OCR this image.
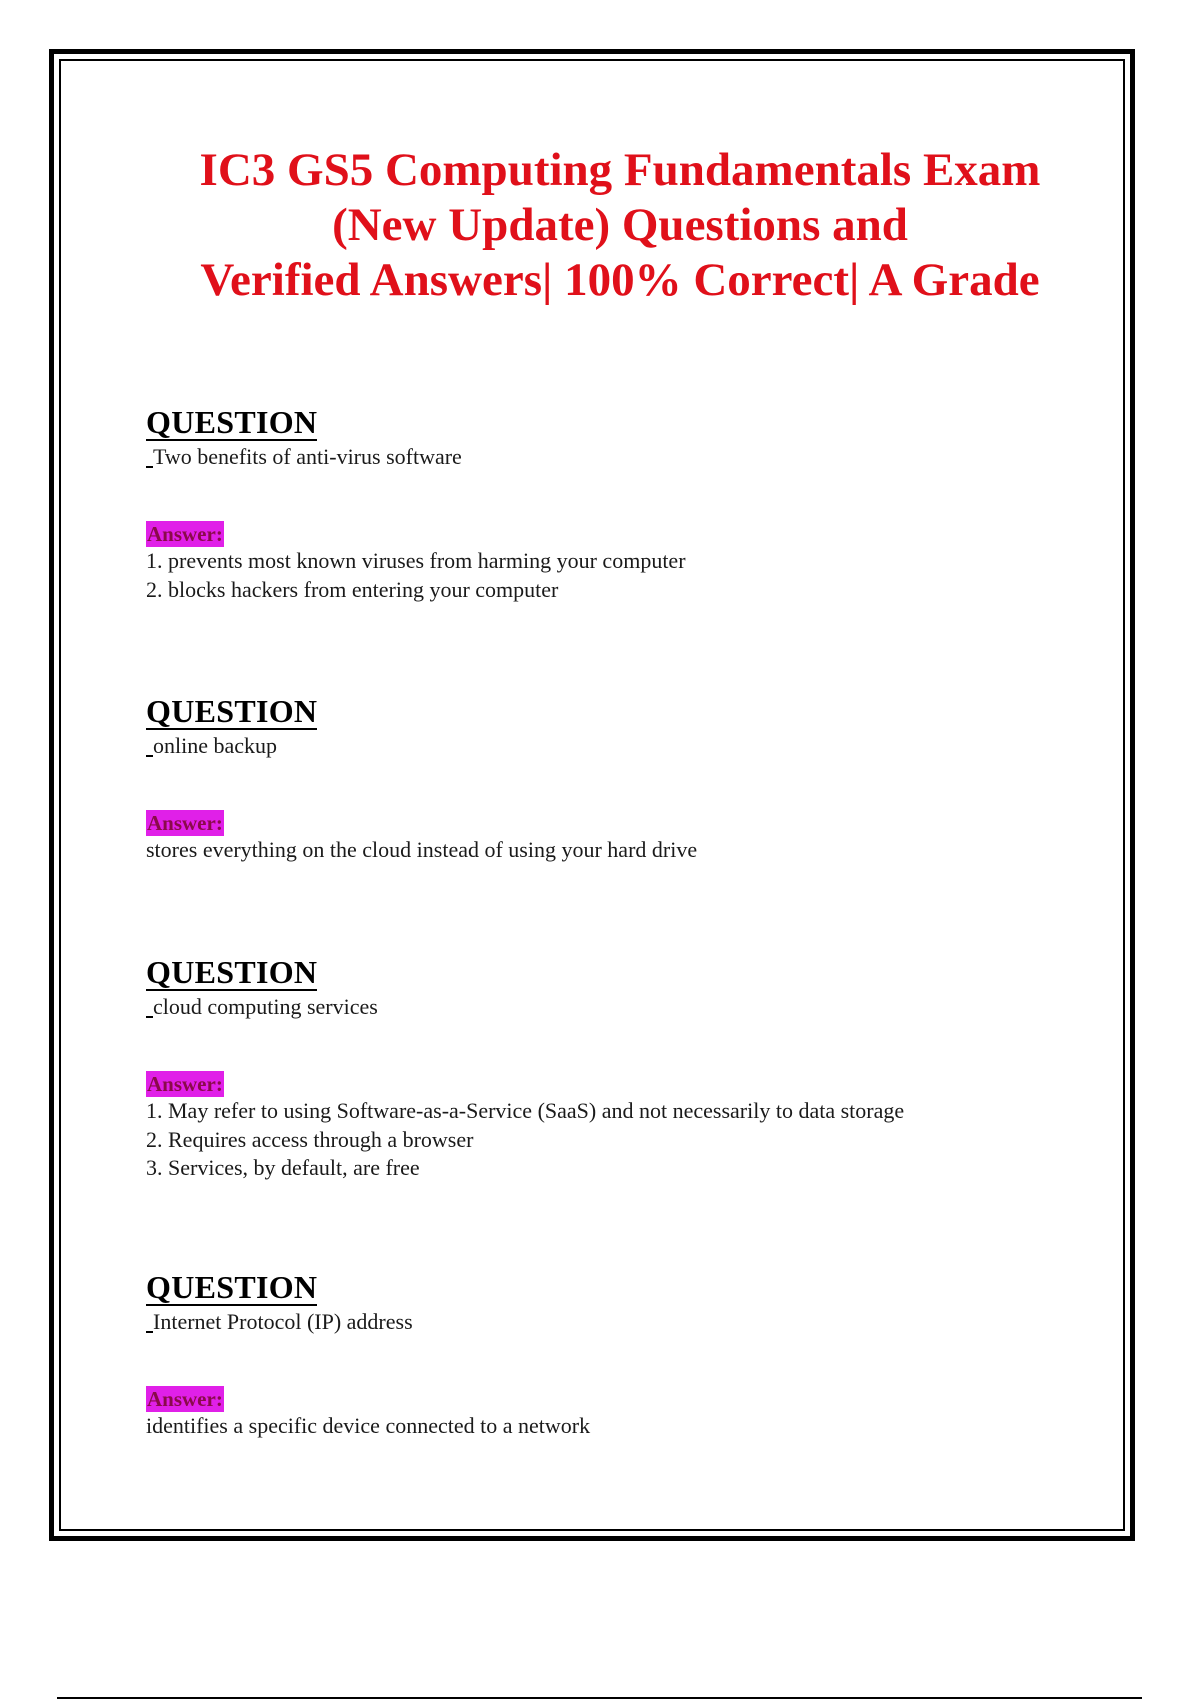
IC3 GS5 Computing Fundamentals Exam
(New Update) Questions and
Verified Answers| 100% Correct| A Grade
QUESTION
Two benefits of anti-virus software
Answer:
1. prevents most known viruses from harming your computer
2. blocks hackers from entering your computer
QUESTION
online backup
Answer:
stores everything on the cloud instead of using your hard drive
QUESTION
cloud computing services
Answer:
1. May refer to using Software-as-a-Service (SaaS) and not necessarily to data storage
2. Requires access through a browser
3. Services, by default, are free
QUESTION
Internet Protocol (IP) address
Answer:
identifies a specific device connected to a network
